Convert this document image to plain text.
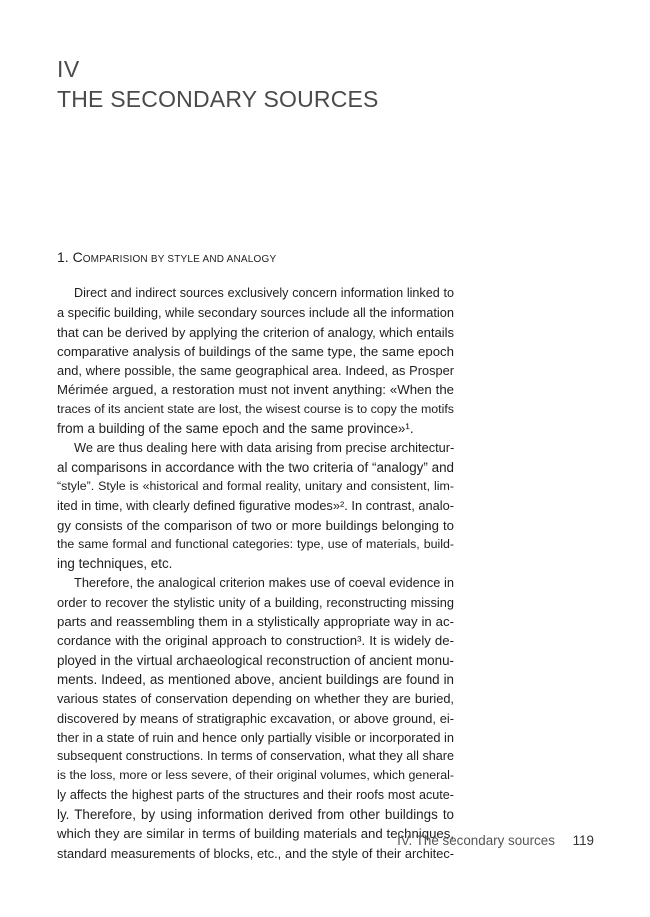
IV
THE SECONDARY SOURCES
1. COMPARISION BY STYLE AND ANALOGY
Direct and indirect sources exclusively concern information linked to
a specific building, while secondary sources include all the information
that can be derived by applying the criterion of analogy, which entails
comparative analysis of buildings of the same type, the same epoch
and, where possible, the same geographical area. Indeed, as Prosper
Mérimée argued, a restoration must not invent anything: «When the
traces of its ancient state are lost, the wisest course is to copy the motifs
from a building of the same epoch and the same province»¹.
We are thus dealing here with data arising from precise architectur-
al comparisons in accordance with the two criteria of “analogy” and
“style”. Style is «historical and formal reality, unitary and consistent, lim-
ited in time, with clearly defined figurative modes»². In contrast, analo-
gy consists of the comparison of two or more buildings belonging to
the same formal and functional categories: type, use of materials, build-
ing techniques, etc.
Therefore, the analogical criterion makes use of coeval evidence in
order to recover the stylistic unity of a building, reconstructing missing
parts and reassembling them in a stylistically appropriate way in ac-
cordance with the original approach to construction³. It is widely de-
ployed in the virtual archaeological reconstruction of ancient monu-
ments. Indeed, as mentioned above, ancient buildings are found in
various states of conservation depending on whether they are buried,
discovered by means of stratigraphic excavation, or above ground, ei-
ther in a state of ruin and hence only partially visible or incorporated in
subsequent constructions. In terms of conservation, what they all share
is the loss, more or less severe, of their original volumes, which general-
ly affects the highest parts of the structures and their roofs most acute-
ly. Therefore, by using information derived from other buildings to
which they are similar in terms of building materials and techniques,
standard measurements of blocks, etc., and the style of their architec-
IV. The secondary sources 119
